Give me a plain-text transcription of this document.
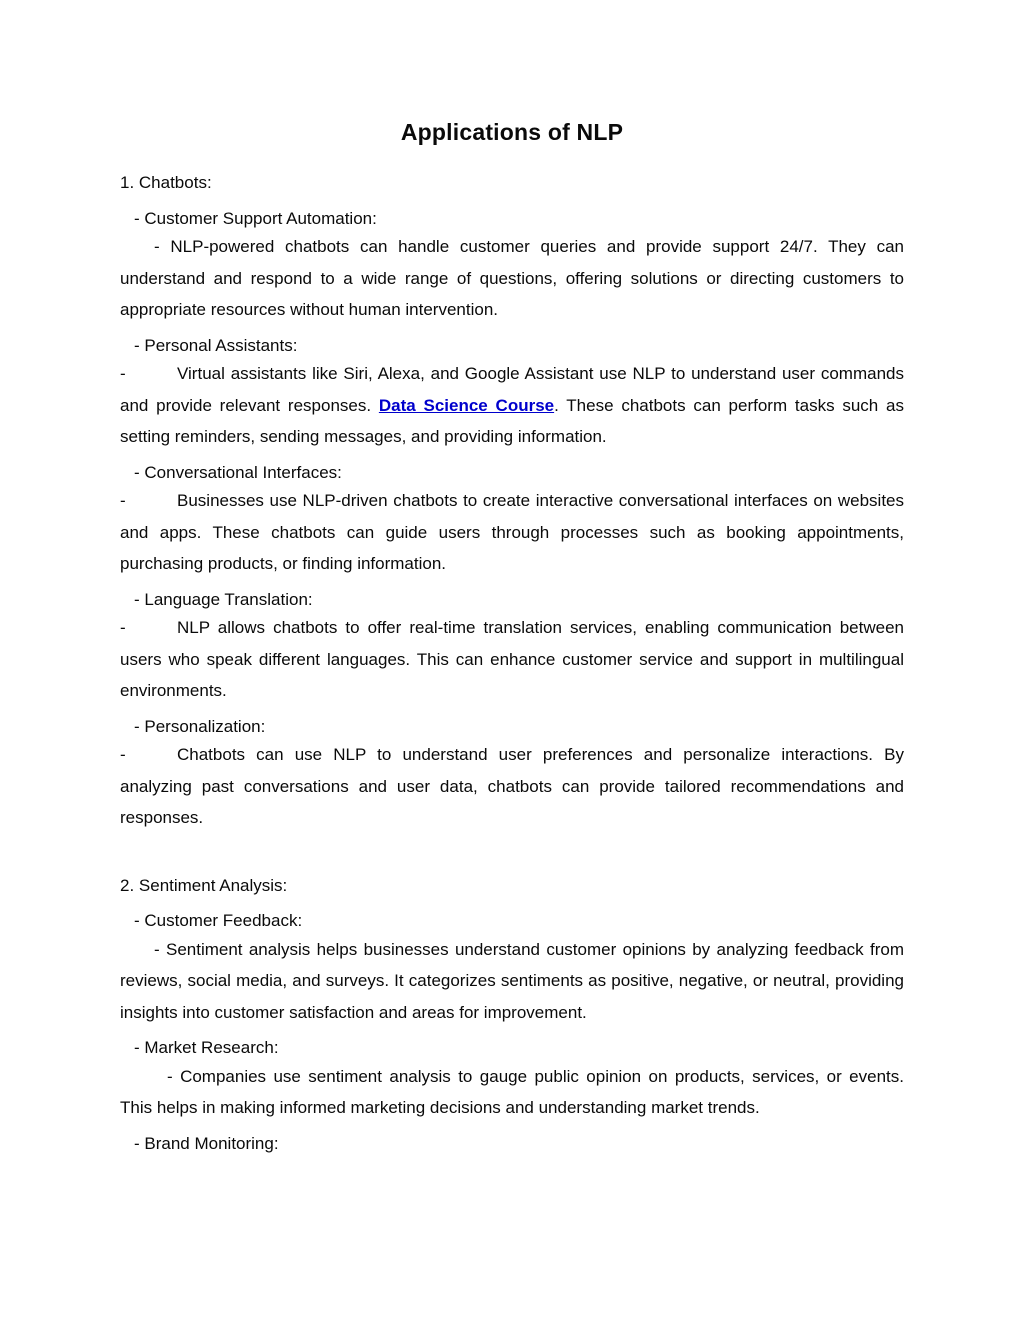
Applications of NLP

1. Chatbots:

- Customer Support Automation:

- NLP-powered chatbots can handle customer queries and provide support 24/7. They can understand and respond to a wide range of questions, offering solutions or directing customers to appropriate resources without human intervention.

- Personal Assistants:

-	Virtual assistants like Siri, Alexa, and Google Assistant use NLP to understand user commands and provide relevant responses. Data Science Course. These chatbots can perform tasks such as setting reminders, sending messages, and providing information.

- Conversational Interfaces:

-	Businesses use NLP-driven chatbots to create interactive conversational interfaces on websites and apps. These chatbots can guide users through processes such as booking appointments, purchasing products, or finding information.

- Language Translation:

-	NLP allows chatbots to offer real-time translation services, enabling communication between users who speak different languages. This can enhance customer service and support in multilingual environments.

- Personalization:

-	Chatbots can use NLP to understand user preferences and personalize interactions. By analyzing past conversations and user data, chatbots can provide tailored recommendations and responses.

2. Sentiment Analysis:

- Customer Feedback:

- Sentiment analysis helps businesses understand customer opinions by analyzing feedback from reviews, social media, and surveys. It categorizes sentiments as positive, negative, or neutral, providing insights into customer satisfaction and areas for improvement.

- Market Research:

- Companies use sentiment analysis to gauge public opinion on products, services, or events. This helps in making informed marketing decisions and understanding market trends.

- Brand Monitoring:
